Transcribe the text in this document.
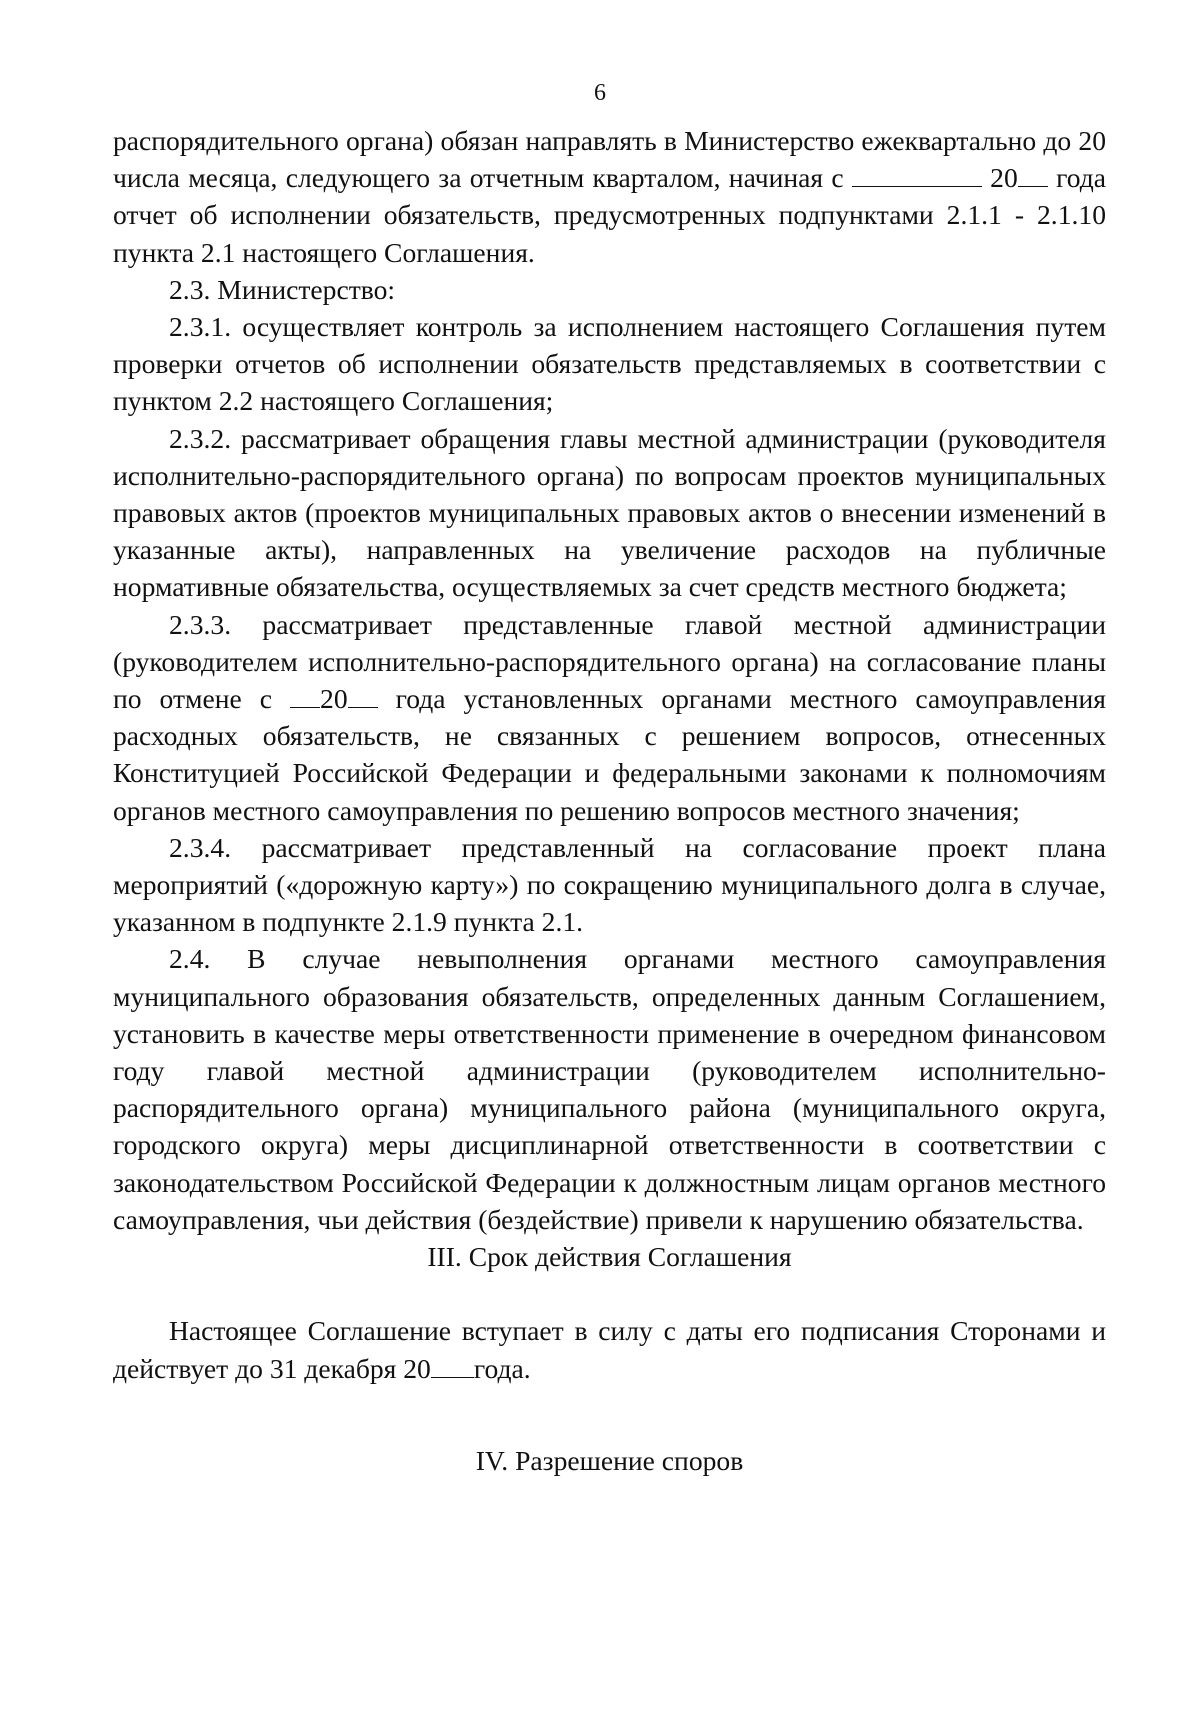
6

распорядительного органа) обязан направлять в Министерство ежеквартально до 20 числа месяца, следующего за отчетным кварталом, начиная с	20 года отчет об исполнении обязательств, предусмотренных подпунктами 2.1.1 - 2.1.10 пункта 2.1 настоящего Соглашения.

2.3. Министерство:

2.3.1. осуществляет контроль за исполнением настоящего Соглашения путем проверки отчетов об исполнении обязательств представляемых в соответствии с пунктом 2.2 настоящего Соглашения;

2.3.2. рассматривает обращения главы местной администрации (руководителя исполнительно-распорядительного органа) по вопросам проектов муниципальных правовых актов (проектов муниципальных правовых актов о внесении изменений в указанные акты), направленных на увеличение расходов на публичные нормативные обязательства, осуществляемых за счет средств местного бюджета;

2.3.3. рассматривает представленные главой местной администрации (руководителем исполнительно-распорядительного органа) на согласование планы по отмене с 20 года установленных органами местного самоуправления расходных обязательств, не связанных с решением вопросов, отнесенных Конституцией Российской Федерации и федеральными законами к полномочиям органов местного самоуправления по решению вопросов местного значения;

2.3.4. рассматривает представленный на согласование проект плана мероприятий («дорожную карту») по сокращению муниципального долга в случае, указанном в подпункте 2.1.9 пункта 2.1.

2.4. В случае невыполнения органами местного самоуправления муниципального образования обязательств, определенных данным Соглашением, установить в качестве меры ответственности применение в очередном финансовом году главой местной администрации (руководителем исполнительно-распорядительного органа) муниципального района (муниципального округа, городского округа) меры дисциплинарной ответственности в соответствии с законодательством Российской Федерации к должностным лицам органов местного самоуправления, чьи действия (бездействие) привели к нарушению обязательства.

III. Срок действия Соглашения

Настоящее Соглашение вступает в силу с даты его подписания Сторонами и действует до 31 декабря 20 года.

IV. Разрешение споров
